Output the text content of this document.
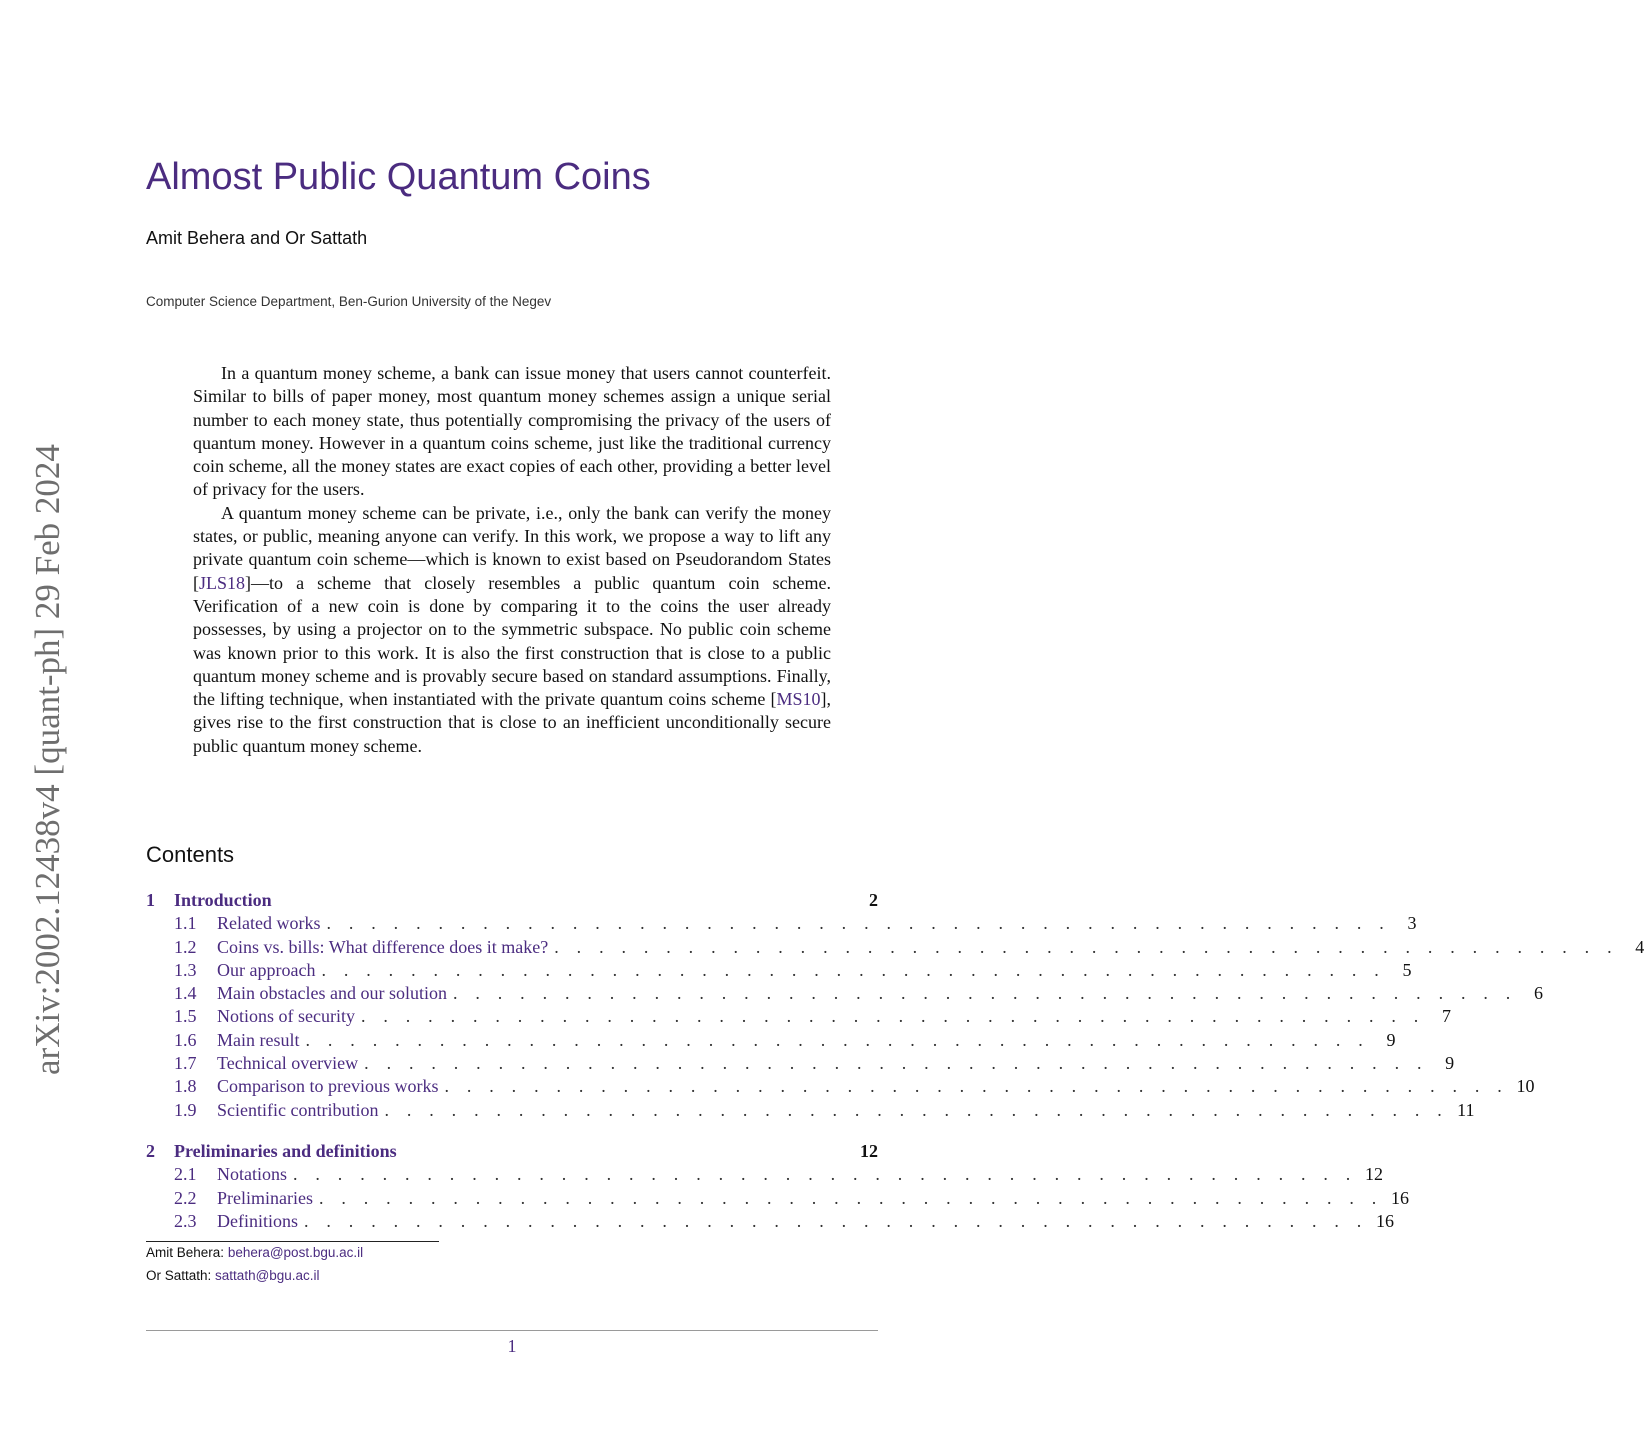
arXiv:2002.12438v4 [quant-ph] 29 Feb 2024
Almost Public Quantum Coins
Amit Behera and Or Sattath
Computer Science Department, Ben-Gurion University of the Negev

In a quantum money scheme, a bank can issue money that users cannot counterfeit. Similar to bills of paper money, most quantum money schemes assign a unique serial number to each money state, thus potentially compromising the privacy of the users of quantum money. However in a quantum coins scheme, just like the traditional currency coin scheme, all the money states are exact copies of each other, providing a better level of privacy for the users.

A quantum money scheme can be private, i.e., only the bank can verify the money states, or public, meaning anyone can verify. In this work, we propose a way to lift any private quantum coin scheme—which is known to exist based on Pseudorandom States [JLS18]—to a scheme that closely resembles a public quantum coin scheme. Verification of a new coin is done by comparing it to the coins the user already possesses, by using a projector on to the symmetric subspace. No public coin scheme was known prior to this work. It is also the first construction that is close to a public quantum money scheme and is provably secure based on standard assumptions. Finally, the lifting technique, when instantiated with the private quantum coins scheme [MS10], gives rise to the first construction that is close to an inefficient unconditionally secure public quantum money scheme.

Contents
1	Introduction	2
1.1	Related works . . . . . . . . . . . . . . . . . . . . . . . . . . . . . . . . . . . . . . . . . . . . . . . . 3
1.2	Coins vs. bills: What difference does it make? . . . . . . . . . . . . . . . . . . . . . . . . . . . . . . . . . . . . . . . . . . . . . . . . 4
1.3	Our approach . . . . . . . . . . . . . . . . . . . . . . . . . . . . . . . . . . . . . . . . . . . . . . . . 5
1.4	Main obstacles and our solution . . . . . . . . . . . . . . . . . . . . . . . . . . . . . . . . . . . . . . . . . . . . . . . . 6
1.5	Notions of security . . . . . . . . . . . . . . . . . . . . . . . . . . . . . . . . . . . . . . . . . . . . . . . . 7
1.6	Main result . . . . . . . . . . . . . . . . . . . . . . . . . . . . . . . . . . . . . . . . . . . . . . . . 9
1.7	Technical overview . . . . . . . . . . . . . . . . . . . . . . . . . . . . . . . . . . . . . . . . . . . . . . . . 9
1.8	Comparison to previous works . . . . . . . . . . . . . . . . . . . . . . . . . . . . . . . . . . . . . . . . . . . . . . . . 10
1.9	Scientific contribution . . . . . . . . . . . . . . . . . . . . . . . . . . . . . . . . . . . . . . . . . . . . . . . . 11
2	Preliminaries and definitions	12
2.1	Notations . . . . . . . . . . . . . . . . . . . . . . . . . . . . . . . . . . . . . . . . . . . . . . . . 12
2.2	Preliminaries . . . . . . . . . . . . . . . . . . . . . . . . . . . . . . . . . . . . . . . . . . . . . . . . 16
2.3	Definitions . . . . . . . . . . . . . . . . . . . . . . . . . . . . . . . . . . . . . . . . . . . . . . . . 16
Amit Behera: behera@post.bgu.ac.il
Or Sattath: sattath@bgu.ac.il
1
